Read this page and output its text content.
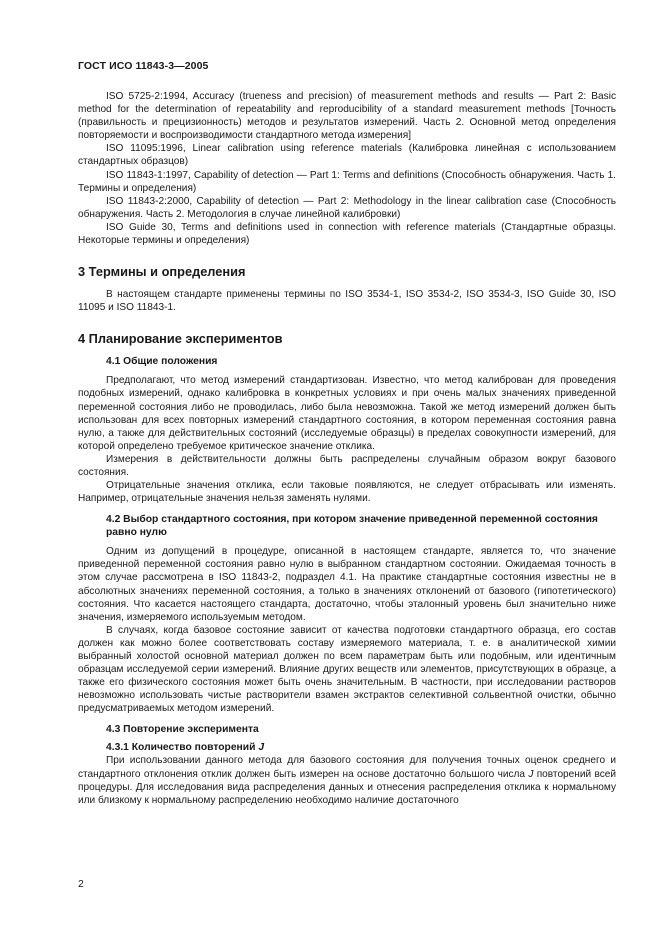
ГОСТ ИСО 11843-3—2005

ISO 5725-2:1994, Accuracy (trueness and precision) of measurement methods and results — Part 2: Basic method for the determination of repeatability and reproducibility of a standard measurement methods [Точность (правильность и прецизионность) методов и результатов измерений. Часть 2. Основной метод определения повторяемости и воспроизводимости стандартного метода измерения]

ISO 11095:1996, Linear calibration using reference materials (Калибровка линейная с использованием стандартных образцов)

ISO 11843-1:1997, Capability of detection — Part 1: Terms and definitions (Способность обнаружения. Часть 1. Термины и определения)

ISO 11843-2:2000, Capability of detection — Part 2: Methodology in the linear calibration case (Способность обнаружения. Часть 2. Методология в случае линейной калибровки)

ISO Guide 30, Terms and definitions used in connection with reference materials (Стандартные образцы. Некоторые термины и определения)

3 Термины и определения

В настоящем стандарте применены термины по ISO 3534-1, ISO 3534-2, ISO 3534-3, ISO Guide 30, ISO 11095 и ISO 11843-1.

4 Планирование экспериментов
4.1 Общие положения

Предполагают, что метод измерений стандартизован. Известно, что метод калиброван для проведения подобных измерений, однако калибровка в конкретных условиях и при очень малых значениях приведенной переменной состояния либо не проводилась, либо была невозможна. Такой же метод измерений должен быть использован для всех повторных измерений стандартного состояния, в котором переменная состояния равна нулю, а также для действительных состояний (исследуемые образцы) в пределах совокупности измерений, для которой определено требуемое критическое значение отклика.

Измерения в действительности должны быть распределены случайным образом вокруг базового состояния.

Отрицательные значения отклика, если таковые появляются, не следует отбрасывать или изменять. Например, отрицательные значения нельзя заменять нулями.

4.2 Выбор стандартного состояния, при котором значение приведенной переменной состояния равно нулю

Одним из допущений в процедуре, описанной в настоящем стандарте, является то, что значение приведенной переменной состояния равно нулю в выбранном стандартном состоянии. Ожидаемая точность в этом случае рассмотрена в ISO 11843-2, подраздел 4.1. На практике стандартные состояния известны не в абсолютных значениях переменной состояния, а только в значениях отклонений от базового (гипотетического) состояния. Что касается настоящего стандарта, достаточно, чтобы эталонный уровень был значительно ниже значения, измеряемого используемым методом.

В случаях, когда базовое состояние зависит от качества подготовки стандартного образца, его состав должен как можно более соответствовать составу измеряемого материала, т. е. в аналитической химии выбранный холостой основной материал должен по всем параметрам быть или подобным, или идентичным образцам исследуемой серии измерений. Влияние других веществ или элементов, присутствующих в образце, а также его физического состояния может быть очень значительным. В частности, при исследовании растворов невозможно использовать чистые растворители взамен экстрактов селективной сольвентной очистки, обычно предусматриваемых методом измерений.

4.3 Повторение эксперимента
4.3.1 Количество повторений J

При использовании данного метода для базового состояния для получения точных оценок среднего и стандартного отклонения отклик должен быть измерен на основе достаточно большого числа J повторений всей процедуры. Для исследования вида распределения данных и отнесения распределения отклика к нормальному или близкому к нормальному распределению необходимо наличие достаточного

2
